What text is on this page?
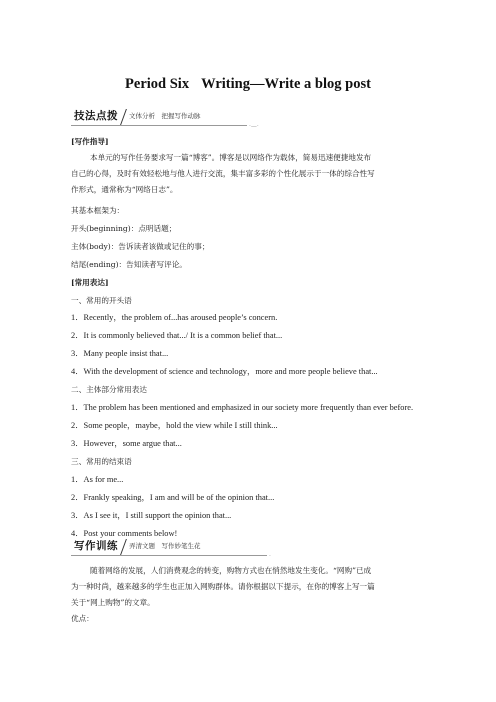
Period Six Writing—Write a blog post
技法点拨	文体分析　把握写作动脉
·—·
[写作指导]
本单元的写作任务要求写一篇“博客”。博客是以网络作为载体，简易迅速便捷地发布
自己的心得，及时有效轻松地与他人进行交流，集丰富多彩的个性化展示于一体的综合性写
作形式，通常称为“网络日志”。
其基本框架为：
开头(beginning)：点明话题；
主体(body)：告诉读者该做或记住的事；
结尾(ending)：告知读者写评论。
[常用表达]
一、常用的开头语
1．Recently，the problem of...has aroused people’s concern.
2．It is commonly believed that.../ It is a common belief that...
3．Many people insist that...
4．With the development of science and technology，more and more people believe that...
二、主体部分常用表达
1．The problem has been mentioned and emphasized in our society more frequently than ever before.
2．Some people，maybe，hold the view while I still think...
3．However，some argue that...
三、常用的结束语
1．As for me...
2．Frankly speaking，I am and will be of the opinion that...
3．As I see it，I still support the opinion that...
4．Post your comments below!
写作训练	弄清文题　写作妙笔生花
·
随着网络的发展，人们消费观念的转变，购物方式也在悄然地发生变化。“网购”已成
为一种时尚，越来越多的学生也正加入网购群体。请你根据以下提示，在你的博客上写一篇
关于“网上购物”的文章。
优点：
